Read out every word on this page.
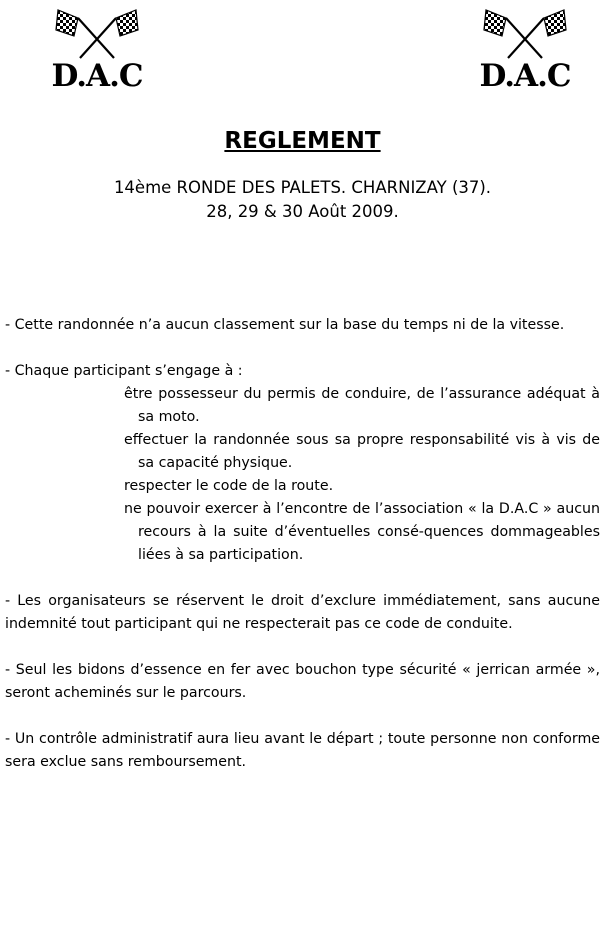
D.A.C	D.A.C
REGLEMENT
14ème RONDE DES PALETS. CHARNIZAY (37).
28, 29 & 30 Août 2009.

- Cette randonnée n’a aucun classement sur la base du temps ni de la vitesse.

- Chaque participant s’engage à :

être possesseur du permis de conduire, de l’assurance adéquat à sa moto.
effectuer la randonnée sous sa propre responsabilité vis à vis de sa capacité physique.
respecter le code de la route.
ne pouvoir exercer à l’encontre de l’association « la D.A.C » aucun recours à la suite d’éventuelles consé-quences dommageables liées à sa participation.

- Les organisateurs se réservent le droit d’exclure immédiatement, sans aucune indemnité tout participant qui ne respecterait pas ce code de conduite.

- Seul les bidons d’essence en fer avec bouchon type sécurité « jerrican armée », seront acheminés sur le parcours.

- Un contrôle administratif aura lieu avant le départ ; toute personne non conforme sera exclue sans remboursement.
